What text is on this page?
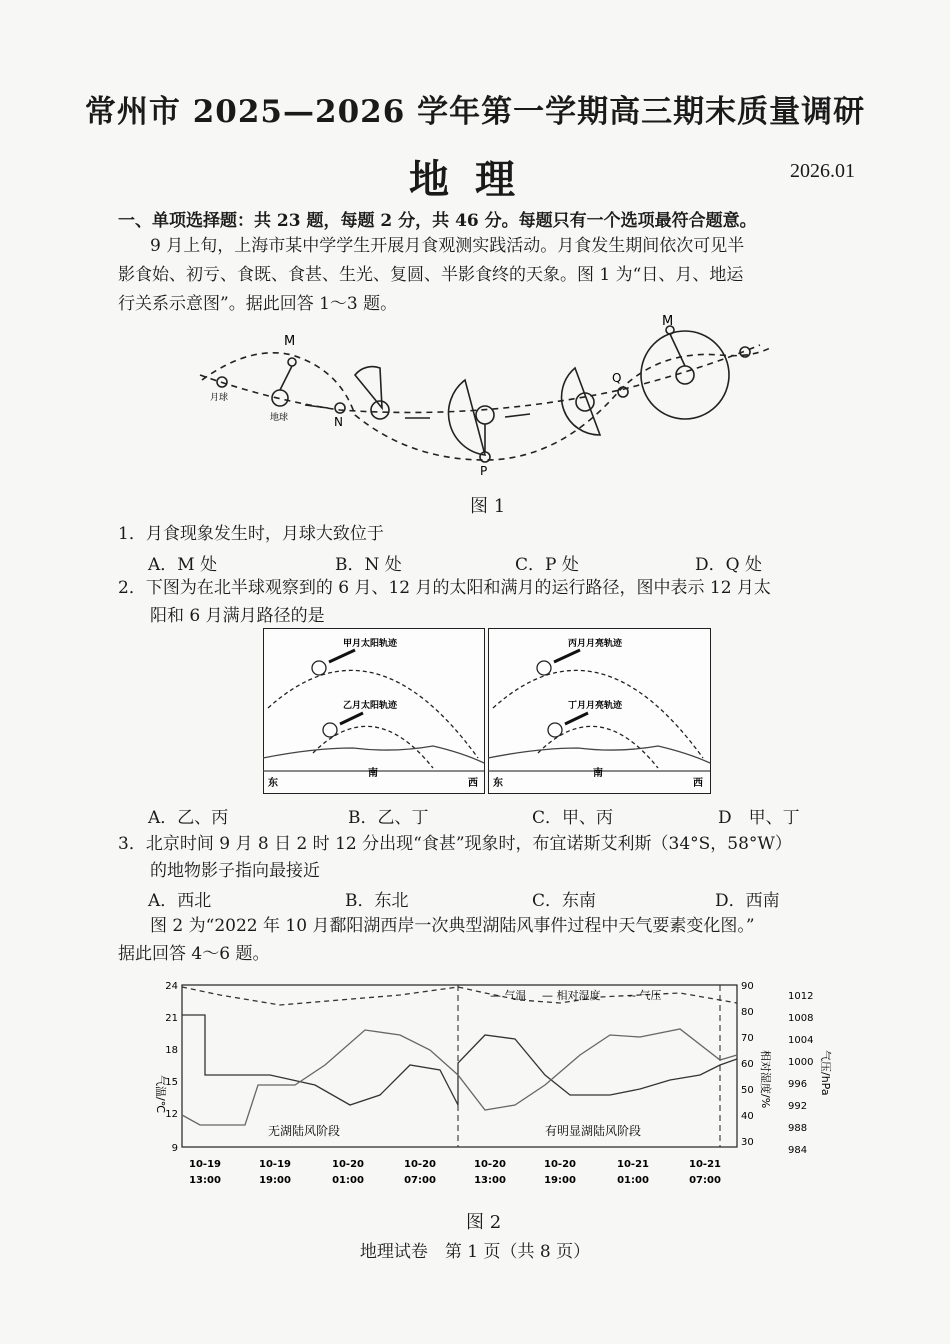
常州市 2025—2026 学年第一学期高三期末质量调研
地理	2026.01
一、单项选择题：共 23 题，每题 2 分，共 46 分。每题只有一个选项最符合题意。
9 月上旬，上海市某中学学生开展月食观测实践活动。月食发生期间依次可见半
影食始、初亏、食既、食甚、生光、复圆、半影食终的天象。图 1 为“日、月、地运
行关系示意图”。据此回答 1～3 题。
M
M
N
P
Q
月球
地球
图 1
1．月食现象发生时，月球大致位于
A．M 处	B．N 处	C．P 处	D．Q 处
2．下图为在北半球观察到的 6 月、12 月的太阳和满月的运行路径，图中表示 12 月太
阳和 6 月满月路径的是
甲月太阳轨迹
乙月太阳轨迹
东
南
西
丙月月亮轨迹
丁月月亮轨迹
东
南
西
A．乙、丙	B．乙、丁	C．甲、丙	D　甲、丁
3．北京时间 9 月 8 日 2 时 12 分出现“食甚”现象时，布宜诺斯艾利斯（34°S，58°W）
的地物影子指向最接近
A．西北	B．东北	C．东南	D．西南
图 2 为“2022 年 10 月鄱阳湖西岸一次典型湖陆风事件过程中天气要素变化图。”
据此回答 4～6 题。
气温/℃	相对湿度/%	气压/hPa
— 气温 — 相对湿度	-- 气压
无湖陆风阶段	有明显湖陆风阶段
24
21
18
15
12
9
90
80
70
60
50
40
30
1012
1008
1004
1000
996
992
988
984
10-19
13:00
10-19
19:00
10-20
01:00
10-20
07:00
10-20
13:00
10-20
19:00
10-21
01:00
10-21
07:00
图 2
地理试卷　第 1 页（共 8 页）
